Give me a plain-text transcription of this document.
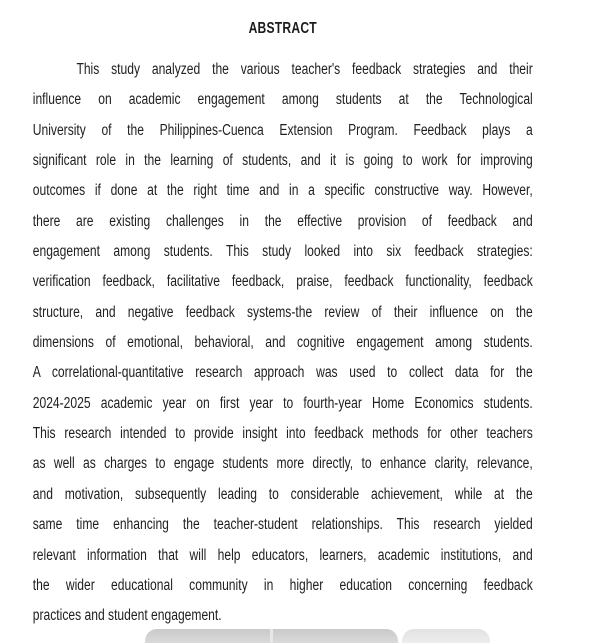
ABSTRACT
This study analyzed the various teacher's feedback strategies and their
influence on academic engagement among students at the Technological
University of the Philippines-Cuenca Extension Program. Feedback plays a
significant role in the learning of students, and it is going to work for improving
outcomes if done at the right time and in a specific constructive way. However,
there are existing challenges in the effective provision of feedback and
engagement among students. This study looked into six feedback strategies:
verification feedback, facilitative feedback, praise, feedback functionality, feedback
structure, and negative feedback systems-the review of their influence on the
dimensions of emotional, behavioral, and cognitive engagement among students.
A correlational-quantitative research approach was used to collect data for the
2024-2025 academic year on first year to fourth-year Home Economics students.
This research intended to provide insight into feedback methods for other teachers
as well as charges to engage students more directly, to enhance clarity, relevance,
and motivation, subsequently leading to considerable achievement, while at the
same time enhancing the teacher-student relationships. This research yielded
relevant information that will help educators, learners, academic institutions, and
the wider educational community in higher education concerning feedback
practices and student engagement.
